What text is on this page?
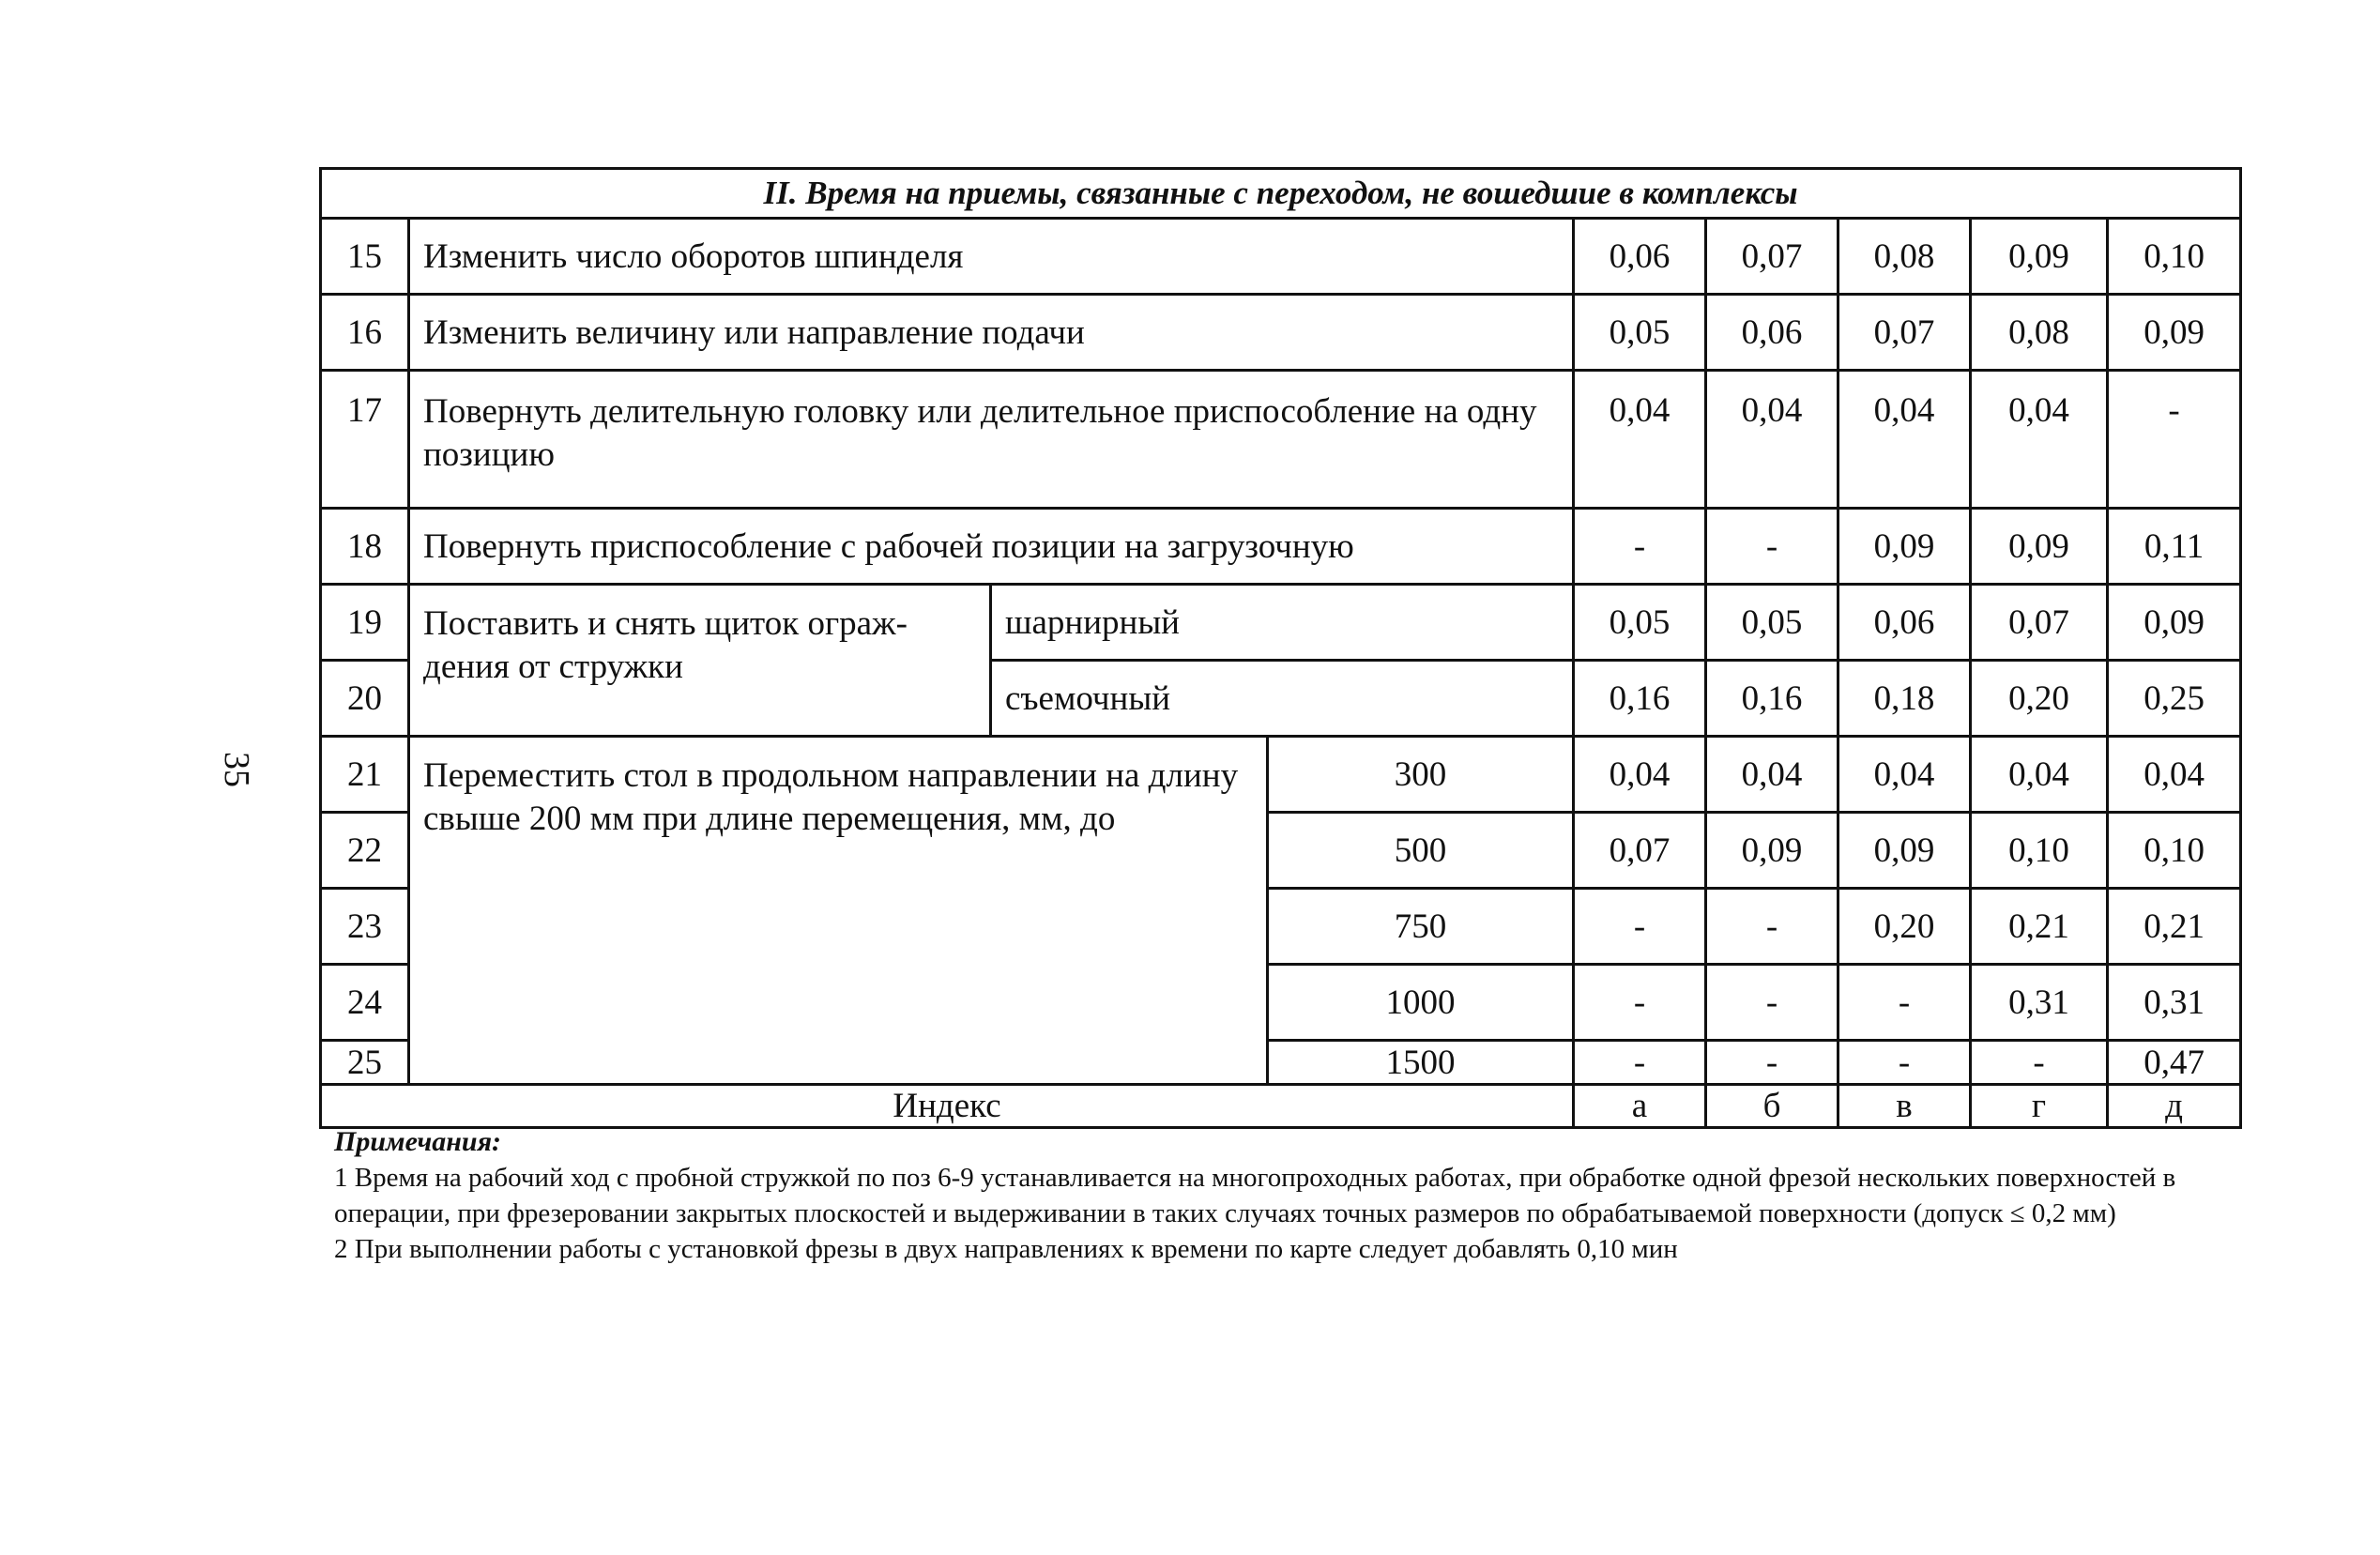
35
II. Время на приемы, связанные с переходом, не вошедшие в комплексы								
15	Изменить число оборотов шпинделя			0,06	0,07	0,08	0,09	0,10
16	Изменить величину или направление подачи			0,05	0,06	0,07	0,08	0,09
17	Повернуть делительную головку или делительное приспособление на одну позицию			0,04	0,04	0,04	0,04	-
18	Повернуть приспособление с рабочей позиции на загрузочную			-	-	0,09	0,09	0,11
19	Поставить и снять щиток ограж-дения от стружки	шарнирный		0,05	0,05	0,06	0,07	0,09
20		съемочный		0,16	0,16	0,18	0,20	0,25
21	Переместить стол в продольном направлении на длину свыше 200 мм при длине перемещения, мм, до		300	0,04	0,04	0,04	0,04	0,04
22			500	0,07	0,09	0,09	0,10	0,10
23			750	-	-	0,20	0,21	0,21
24			1000	-	-	-	0,31	0,31
25			1500	-	-	-	-	0,47
Индекс				а	б	в	г	д

Примечания:

1 Время на рабочий ход с пробной стружкой по поз 6-9 устанавливается на многопроходных работах, при обработке одной фрезой нескольких поверхностей в операции, при фрезеровании закрытых плоскостей и выдерживании в таких случаях точных размеров по обрабатываемой поверхности (допуск ≤ 0,2 мм)

2 При выполнении работы с установкой фрезы в двух направлениях к времени по карте следует добавлять 0,10 мин
